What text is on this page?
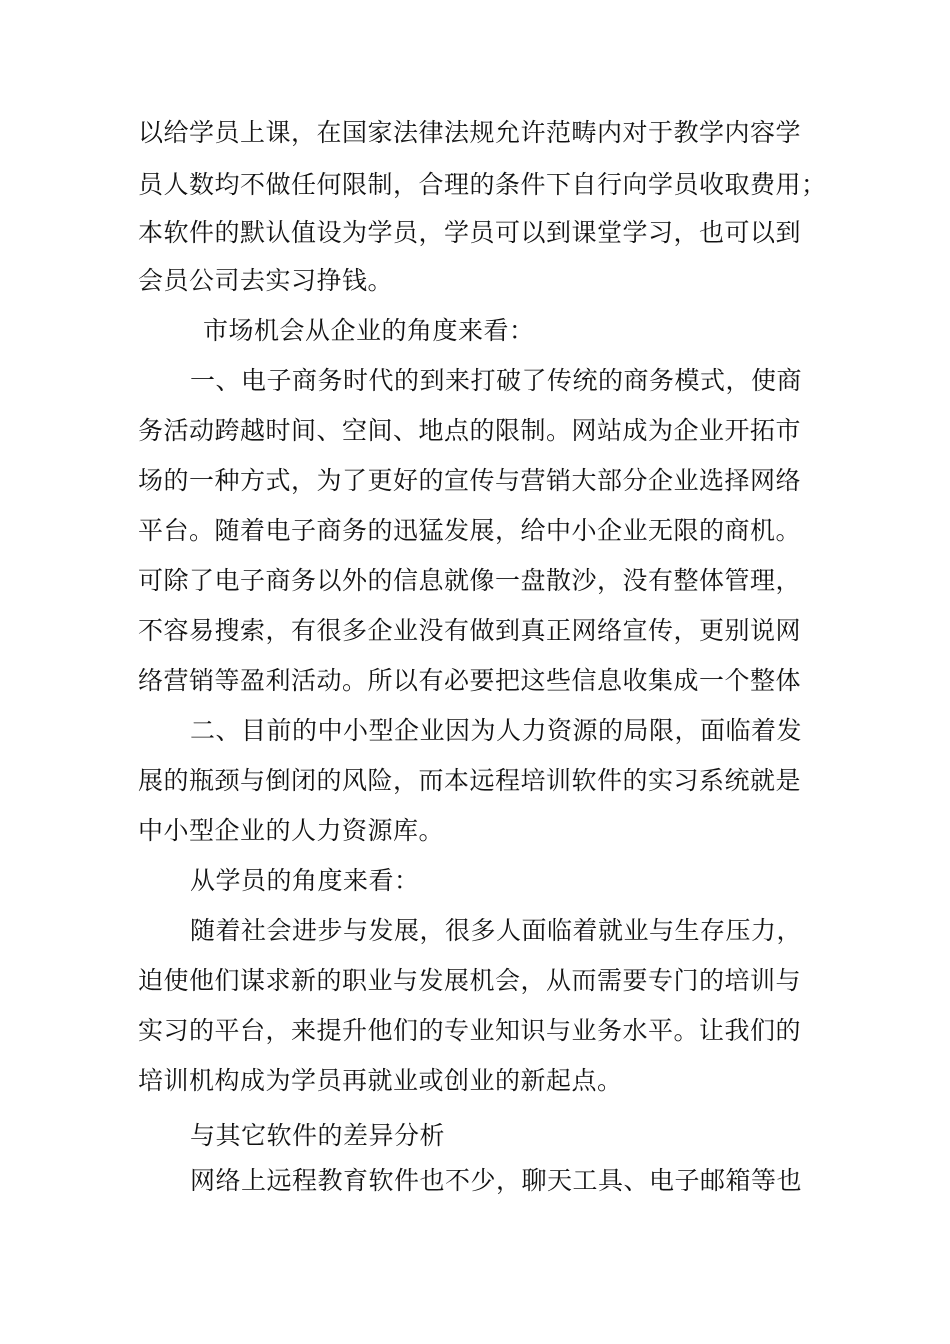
以给学员上课，在国家法律法规允许范畴内对于教学内容学

员人数均不做任何限制，合理的条件下自行向学员收取费用；

本软件的默认值设为学员，学员可以到课堂学习，也可以到

会员公司去实习挣钱。

市场机会从企业的角度来看：

一、电子商务时代的到来打破了传统的商务模式，使商

务活动跨越时间、空间、地点的限制。网站成为企业开拓市

场的一种方式，为了更好的宣传与营销大部分企业选择网络

平台。随着电子商务的迅猛发展，给中小企业无限的商机。

可除了电子商务以外的信息就像一盘散沙，没有整体管理，

不容易搜索，有很多企业没有做到真正网络宣传，更别说网

络营销等盈利活动。所以有必要把这些信息收集成一个整体

二、目前的中小型企业因为人力资源的局限，面临着发

展的瓶颈与倒闭的风险，而本远程培训软件的实习系统就是

中小型企业的人力资源库。

从学员的角度来看：

随着社会进步与发展，很多人面临着就业与生存压力，

迫使他们谋求新的职业与发展机会，从而需要专门的培训与

实习的平台，来提升他们的专业知识与业务水平。让我们的

培训机构成为学员再就业或创业的新起点。

与其它软件的差异分析

网络上远程教育软件也不少，聊天工具、电子邮箱等也
